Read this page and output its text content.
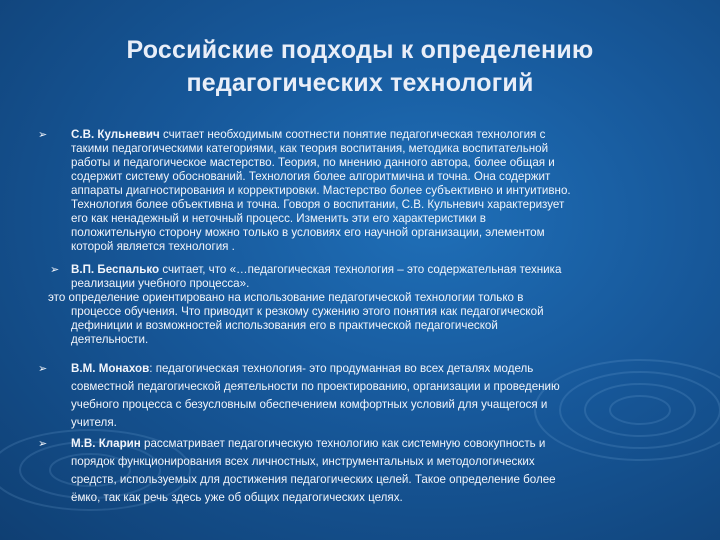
Российские подходы к определению
педагогических технологий
➢ С.В. Кульневич считает необходимым соотнести понятие педагогическая технология с
такими педагогическими категориями, как теория воспитания, методика воспитательной
работы и педагогическое мастерство. Теория, по мнению данного автора, более общая и
содержит систему обоснований. Технология более алгоритмична и точна. Она содержит
аппараты диагностирования и корректировки. Мастерство более субъективно и интуитивно.
Технология более объективна и точна. Говоря о воспитании, С.В. Кульневич характеризует
его как ненадежный и неточный процесс. Изменить эти его характеристики в
положительную сторону можно только в условиях его научной организации, элементом
которой является технология .
➢ В.П. Беспалько считает, что «…педагогическая технология – это содержательная техника
реализации учебного процесса».
это определение ориентировано на использование педагогической технологии только в
процессе обучения. Что приводит к резкому сужению этого понятия как педагогической
дефиниции и возможностей использования его в практической педагогической
деятельности.
➢ В.М. Монахов: педагогическая технология- это продуманная во всех деталях модель
совместной педагогической деятельности по проектированию, организации и проведению
учебного процесса с безусловным обеспечением комфортных условий для учащегося и
учителя.
➢ М.В. Кларин рассматривает педагогическую технологию как системную совокупность и
порядок функционирования всех личностных, инструментальных и методологических
средств, используемых для достижения педагогических целей. Такое определение более
ёмко, так как речь здесь уже об общих педагогических целях.
